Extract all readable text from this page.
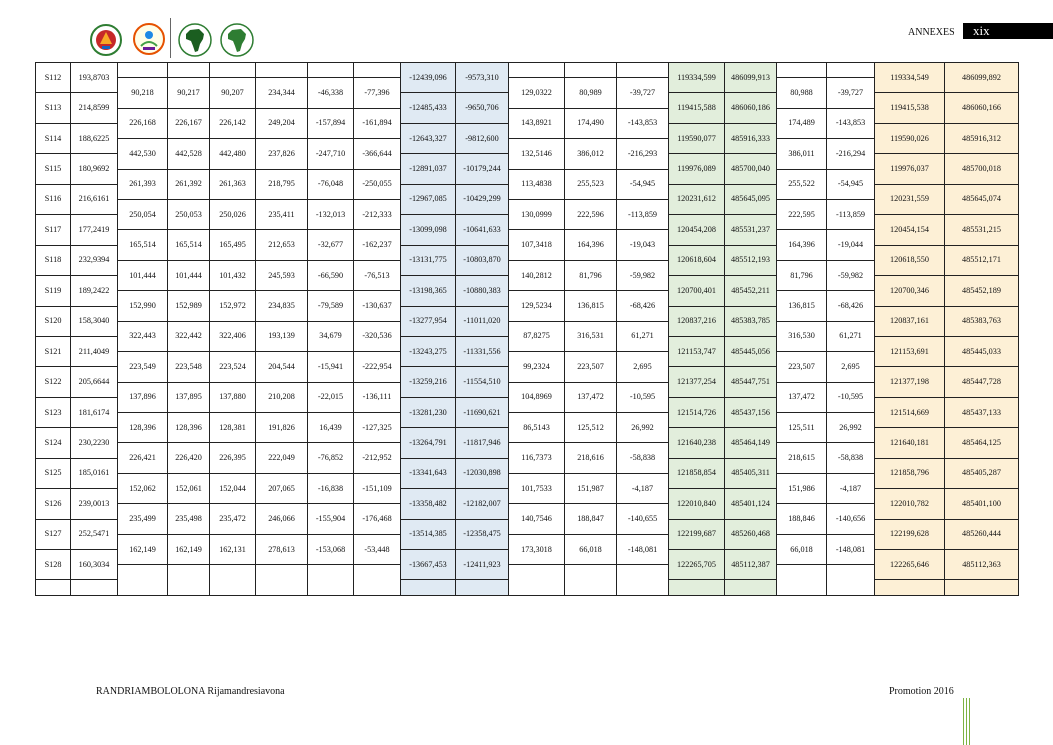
ANNEXES	xix
S112	193,8703							-12439,096	-9573,310				119334,599	486099,913			119334,549	486099,892
		90,218	90,217	90,207	234,344	-46,338	-77,396			129,0322	80,989	-39,727			80,988	-39,727		
S113	214,8599							-12485,433	-9650,706				119415,588	486060,186			119415,538	486060,166
		226,168	226,167	226,142	249,204	-157,894	-161,894			143,8921	174,490	-143,853			174,489	-143,853		
S114	188,6225							-12643,327	-9812,600				119590,077	485916,333			119590,026	485916,312
		442,530	442,528	442,480	237,826	-247,710	-366,644			132,5146	386,012	-216,293			386,011	-216,294		
S115	180,9692							-12891,037	-10179,244				119976,089	485700,040			119976,037	485700,018
		261,393	261,392	261,363	218,795	-76,048	-250,055			113,4838	255,523	-54,945			255,522	-54,945		
S116	216,6161							-12967,085	-10429,299				120231,612	485645,095			120231,559	485645,074
		250,054	250,053	250,026	235,411	-132,013	-212,333			130,0999	222,596	-113,859			222,595	-113,859		
S117	177,2419							-13099,098	-10641,633				120454,208	485531,237			120454,154	485531,215
		165,514	165,514	165,495	212,653	-32,677	-162,237			107,3418	164,396	-19,043			164,396	-19,044		
S118	232,9394							-13131,775	-10803,870				120618,604	485512,193			120618,550	485512,171
		101,444	101,444	101,432	245,593	-66,590	-76,513			140,2812	81,796	-59,982			81,796	-59,982		
S119	189,2422							-13198,365	-10880,383				120700,401	485452,211			120700,346	485452,189
		152,990	152,989	152,972	234,835	-79,589	-130,637			129,5234	136,815	-68,426			136,815	-68,426		
S120	158,3040							-13277,954	-11011,020				120837,216	485383,785			120837,161	485383,763
		322,443	322,442	322,406	193,139	34,679	-320,536			87,8275	316,531	61,271			316,530	61,271		
S121	211,4049							-13243,275	-11331,556				121153,747	485445,056			121153,691	485445,033
		223,549	223,548	223,524	204,544	-15,941	-222,954			99,2324	223,507	2,695			223,507	2,695		
S122	205,6644							-13259,216	-11554,510				121377,254	485447,751			121377,198	485447,728
		137,896	137,895	137,880	210,208	-22,015	-136,111			104,8969	137,472	-10,595			137,472	-10,595		
S123	181,6174							-13281,230	-11690,621				121514,726	485437,156			121514,669	485437,133
		128,396	128,396	128,381	191,826	16,439	-127,325			86,5143	125,512	26,992			125,511	26,992		
S124	230,2230							-13264,791	-11817,946				121640,238	485464,149			121640,181	485464,125
		226,421	226,420	226,395	222,049	-76,852	-212,952			116,7373	218,616	-58,838			218,615	-58,838		
S125	185,0161							-13341,643	-12030,898				121858,854	485405,311			121858,796	485405,287
		152,062	152,061	152,044	207,065	-16,838	-151,109			101,7533	151,987	-4,187			151,986	-4,187		
S126	239,0013							-13358,482	-12182,007				122010,840	485401,124			122010,782	485401,100
		235,499	235,498	235,472	246,066	-155,904	-176,468			140,7546	188,847	-140,655			188,846	-140,656		
S127	252,5471							-13514,385	-12358,475				122199,687	485260,468			122199,628	485260,444
		162,149	162,149	162,131	278,613	-153,068	-53,448			173,3018	66,018	-148,081			66,018	-148,081		
S128	160,3034							-13667,453	-12411,923				122265,705	485112,387			122265,646	485112,363

RANDRIAMBOLOLONA Rijamandresiavona	Promotion 2016
